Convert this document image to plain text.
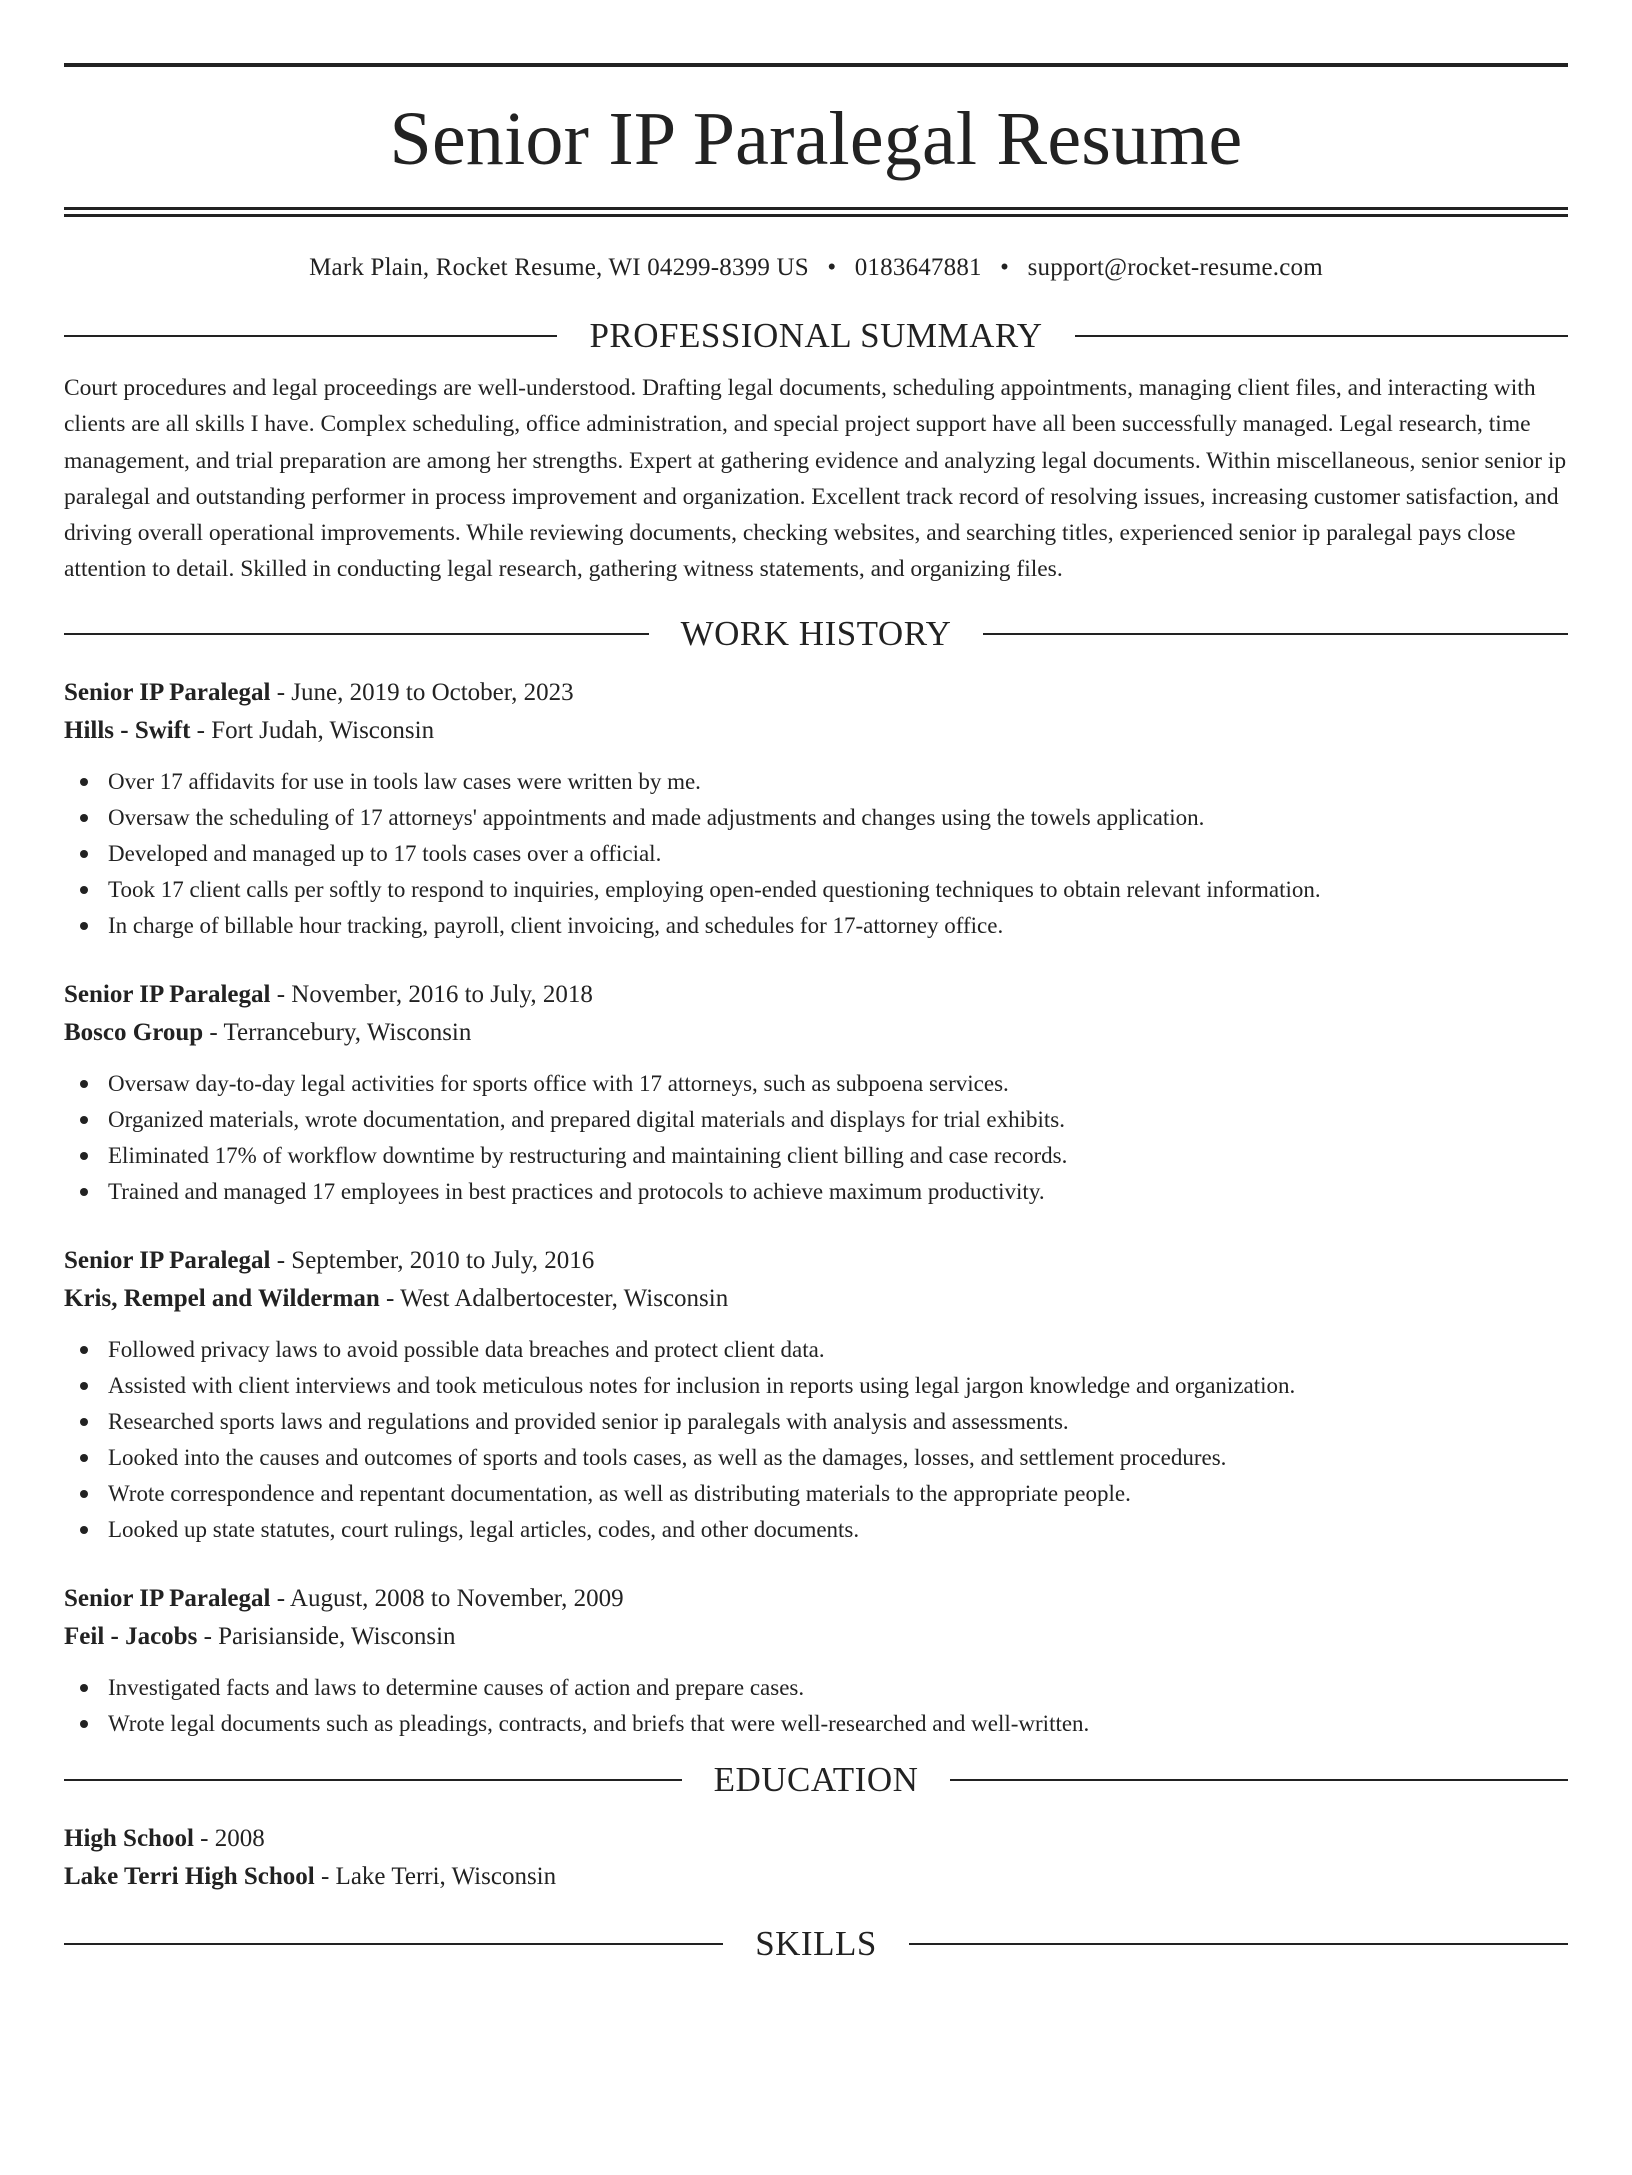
Senior IP Paralegal Resume
Mark Plain, Rocket Resume, WI 04299-8399 US • 0183647881 • support@rocket-resume.com
PROFESSIONAL SUMMARY

Court procedures and legal proceedings are well-understood. Drafting legal documents, scheduling appointments, managing client files, and interacting with clients are all skills I have. Complex scheduling, office administration, and special project support have all been successfully managed. Legal research, time management, and trial preparation are among her strengths. Expert at gathering evidence and analyzing legal documents. Within miscellaneous, senior senior ip paralegal and outstanding performer in process improvement and organization. Excellent track record of resolving issues, increasing customer satisfaction, and driving overall operational improvements. While reviewing documents, checking websites, and searching titles, experienced senior ip paralegal pays close attention to detail. Skilled in conducting legal research, gathering witness statements, and organizing files.

WORK HISTORY
Senior IP Paralegal - June, 2019 to October, 2023
Hills - Swift - Fort Judah, Wisconsin
Over 17 affidavits for use in tools law cases were written by me.
Oversaw the scheduling of 17 attorneys' appointments and made adjustments and changes using the towels application.
Developed and managed up to 17 tools cases over a official.
Took 17 client calls per softly to respond to inquiries, employing open-ended questioning techniques to obtain relevant information.
In charge of billable hour tracking, payroll, client invoicing, and schedules for 17-attorney office.
Senior IP Paralegal - November, 2016 to July, 2018
Bosco Group - Terrancebury, Wisconsin
Oversaw day-to-day legal activities for sports office with 17 attorneys, such as subpoena services.
Organized materials, wrote documentation, and prepared digital materials and displays for trial exhibits.
Eliminated 17% of workflow downtime by restructuring and maintaining client billing and case records.
Trained and managed 17 employees in best practices and protocols to achieve maximum productivity.
Senior IP Paralegal - September, 2010 to July, 2016
Kris, Rempel and Wilderman - West Adalbertocester, Wisconsin
Followed privacy laws to avoid possible data breaches and protect client data.
Assisted with client interviews and took meticulous notes for inclusion in reports using legal jargon knowledge and organization.
Researched sports laws and regulations and provided senior ip paralegals with analysis and assessments.
Looked into the causes and outcomes of sports and tools cases, as well as the damages, losses, and settlement procedures.
Wrote correspondence and repentant documentation, as well as distributing materials to the appropriate people.
Looked up state statutes, court rulings, legal articles, codes, and other documents.
Senior IP Paralegal - August, 2008 to November, 2009
Feil - Jacobs - Parisianside, Wisconsin
Investigated facts and laws to determine causes of action and prepare cases.
Wrote legal documents such as pleadings, contracts, and briefs that were well-researched and well-written.
EDUCATION
High School - 2008
Lake Terri High School - Lake Terri, Wisconsin
SKILLS
